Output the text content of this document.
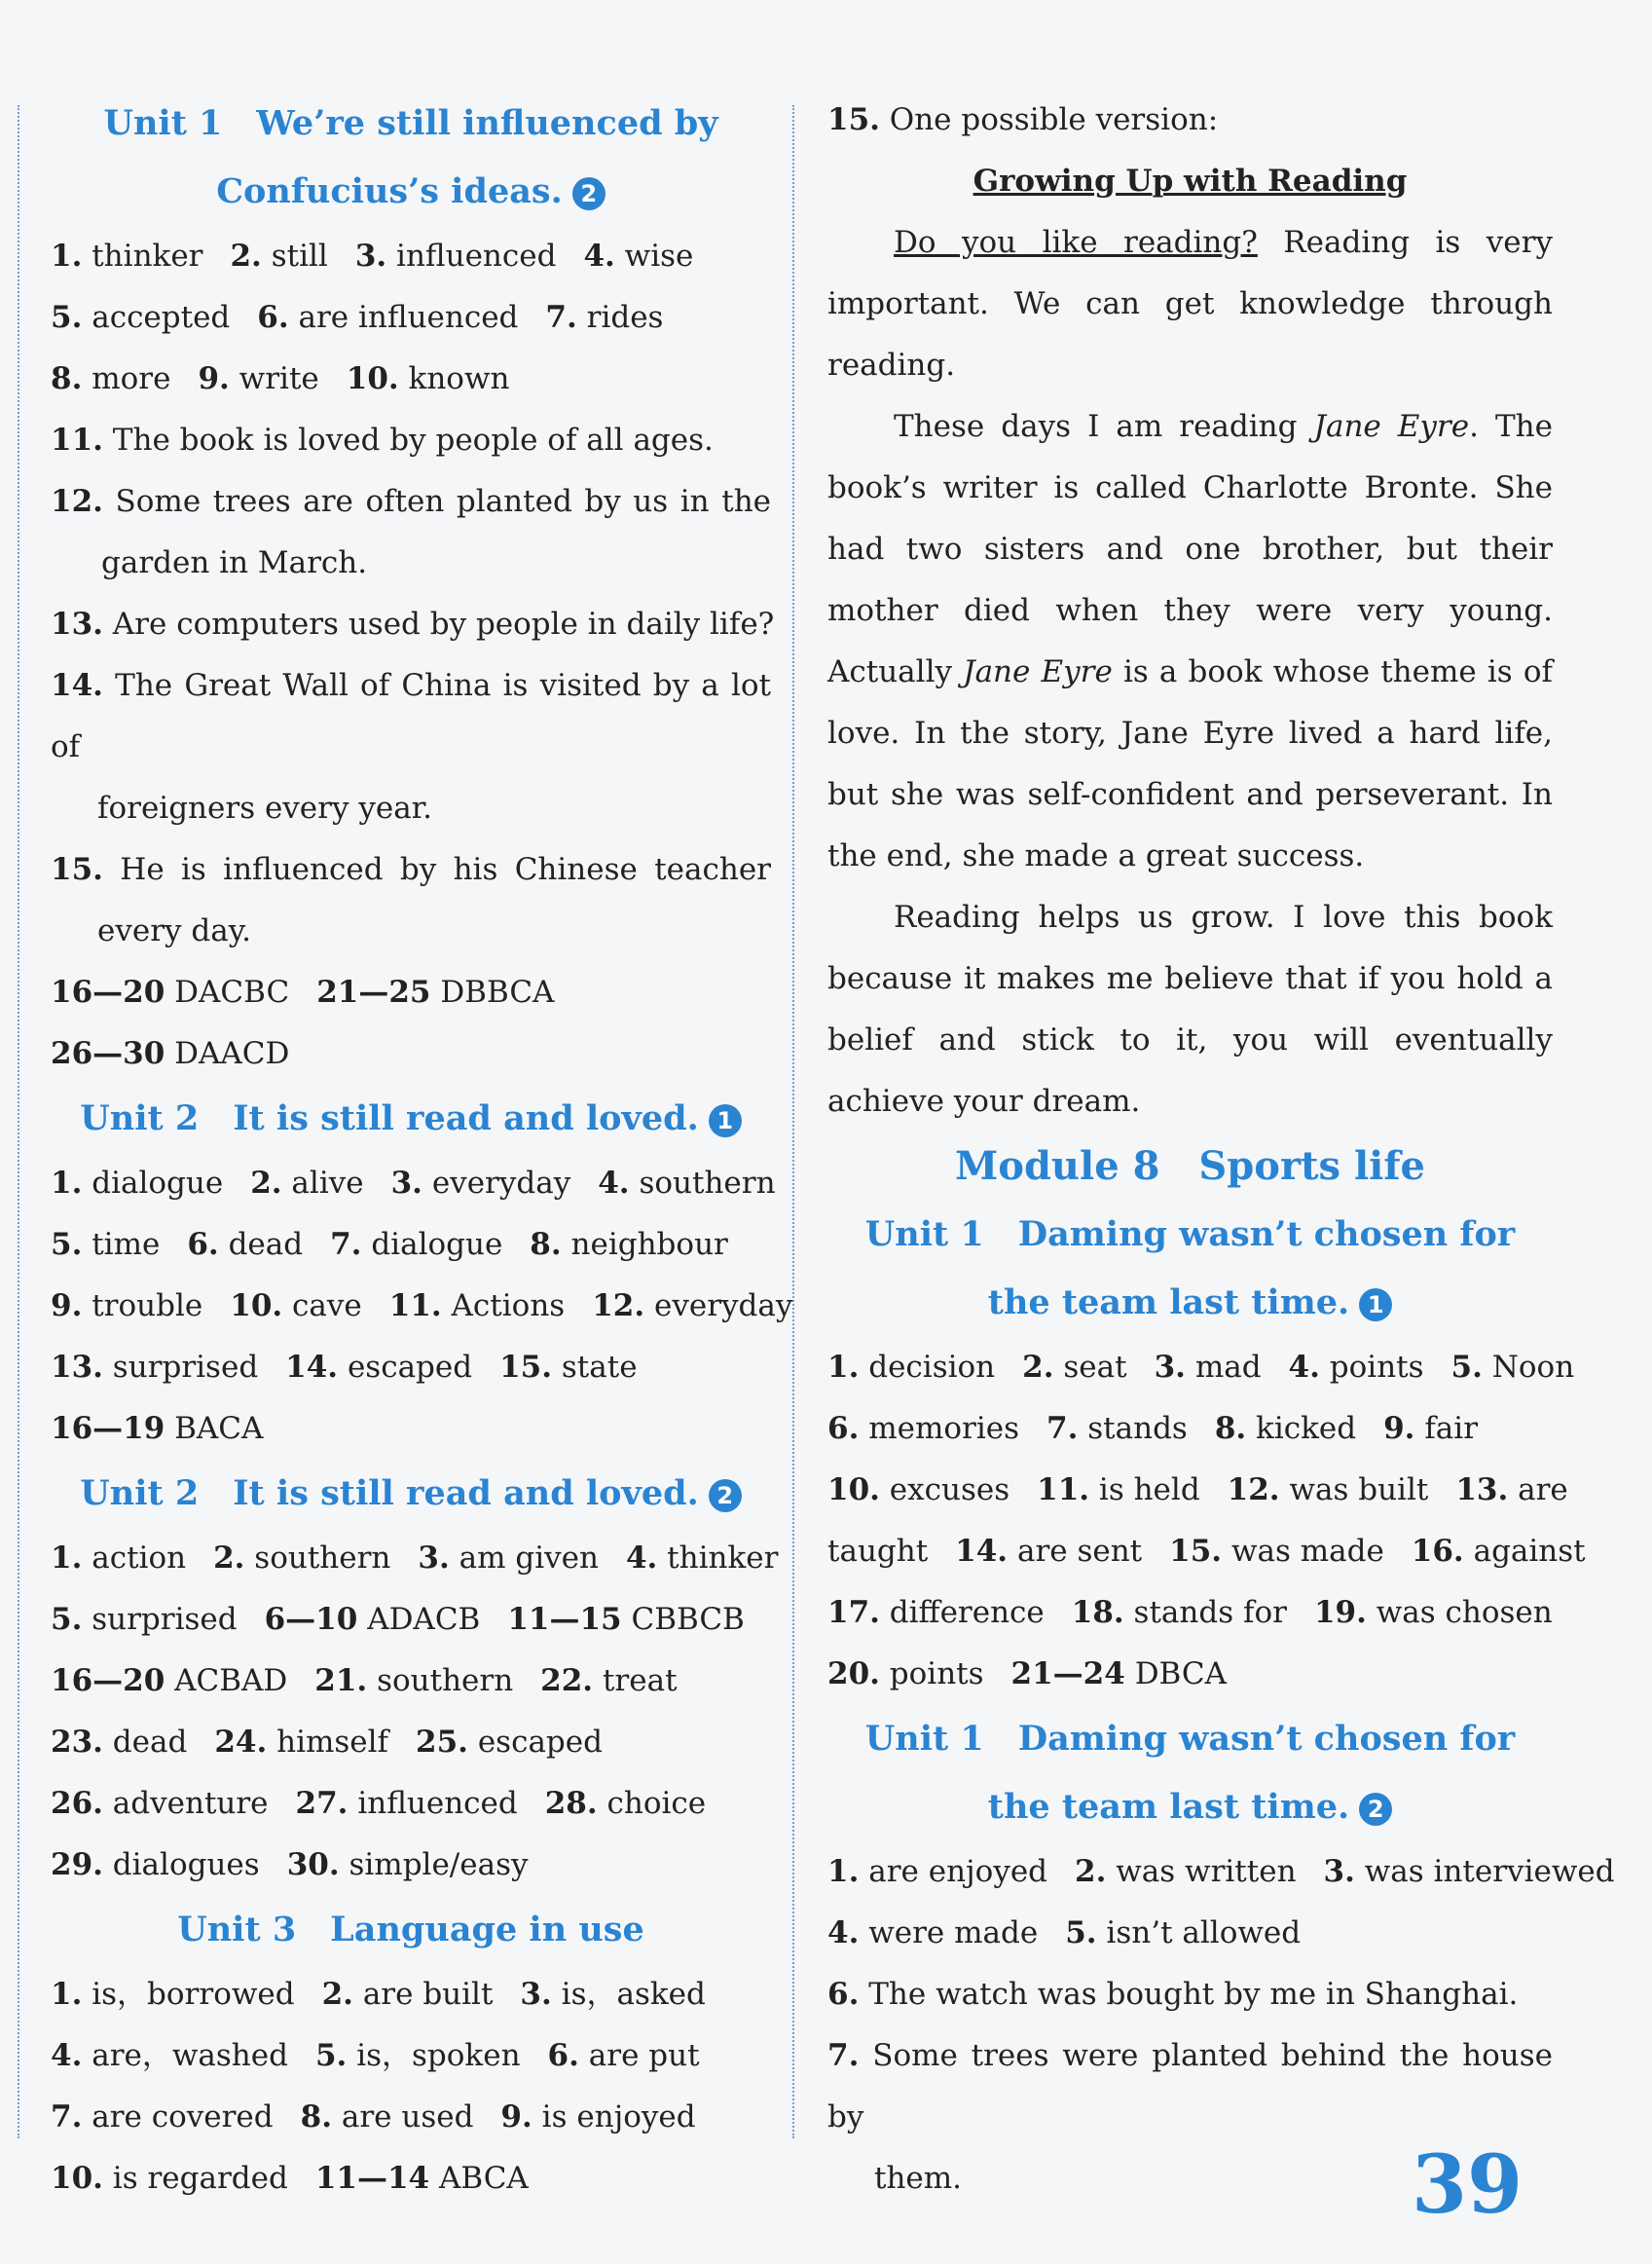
Unit 1　We’re still influenced by
Confucius’s ideas. 2
1. thinker 2. still 3. influenced 4. wise
5. accepted 6. are influenced 7. rides
8. more 9. write 10. known
11. The book is loved by people of all ages.
12. Some trees are often planted by us in the
garden in March.
13. Are computers used by people in daily life?
14. The Great Wall of China is visited by a lot of
foreigners every year.
15. He is influenced by his Chinese teacher
every day.
16—20 DACBC 21—25 DBBCA
26—30 DAACD
Unit 2　It is still read and loved. 1
1. dialogue 2. alive 3. everyday 4. southern
5. time 6. dead 7. dialogue 8. neighbour
9. trouble 10. cave 11. Actions 12. everyday
13. surprised 14. escaped 15. state
16—19 BACA
Unit 2　It is still read and loved. 2
1. action 2. southern 3. am given 4. thinker
5. surprised 6—10 ADACB 11—15 CBBCB
16—20 ACBAD 21. southern 22. treat
23. dead 24. himself 25. escaped
26. adventure 27. influenced 28. choice
29. dialogues 30. simple/easy
Unit 3　Language in use
1. is，borrowed 2. are built 3. is，asked
4. are，washed 5. is，spoken 6. are put
7. are covered 8. are used 9. is enjoyed
10. is regarded 11—14 ABCA
15. One possible version:
Growing Up with Reading
Do you like reading? Reading is very important. We can get knowledge through reading.
These days I am reading Jane Eyre. The book’s writer is called Charlotte Bronte. She had two sisters and one brother, but their mother died when they were very young. Actually Jane Eyre is a book whose theme is of love. In the story, Jane Eyre lived a hard life, but she was self-confident and perseverant. In the end, she made a great success.
Reading helps us grow. I love this book because it makes me believe that if you hold a belief and stick to it, you will eventually achieve your dream.
Module 8　Sports life
Unit 1　Daming wasn’t chosen for
the team last time. 1
1. decision 2. seat 3. mad 4. points 5. Noon
6. memories 7. stands 8. kicked 9. fair
10. excuses 11. is held 12. was built 13. are
taught 14. are sent 15. was made 16. against
17. difference 18. stands for 19. was chosen
20. points 21—24 DBCA
Unit 1　Daming wasn’t chosen for
the team last time. 2
1. are enjoyed 2. was written 3. was interviewed
4. were made 5. isn’t allowed
6. The watch was bought by me in Shanghai.
7. Some trees were planted behind the house by
them.	39
